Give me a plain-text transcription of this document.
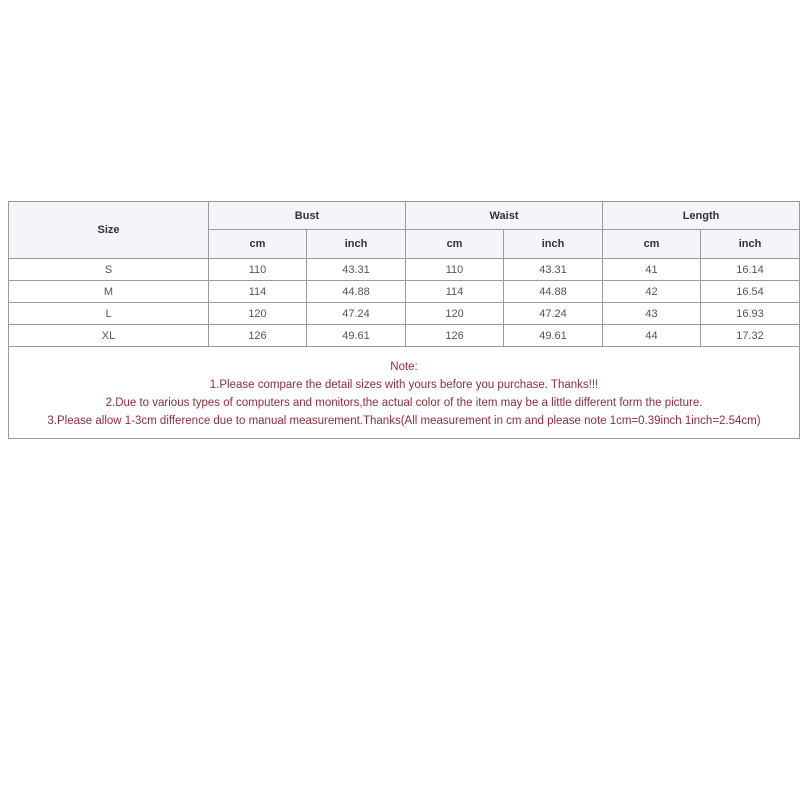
Size	Bust		Waist		Length	
	cm	inch	cm	inch	cm	inch
S	110	43.31	110	43.31	41	16.14
M	114	44.88	114	44.88	42	16.54
L	120	47.24	120	47.24	43	16.93
XL	126	49.61	126	49.61	44	17.32

Note:
1.Please compare the detail sizes with yours before you purchase. Thanks!!!
2.Due to various types of computers and monitors,the actual color of the item may be a little different form the picture.
3.Please allow 1-3cm difference due to manual measurement.Thanks(All measurement in cm and please note 1cm=0.39inch 1inch=2.54cm)						
